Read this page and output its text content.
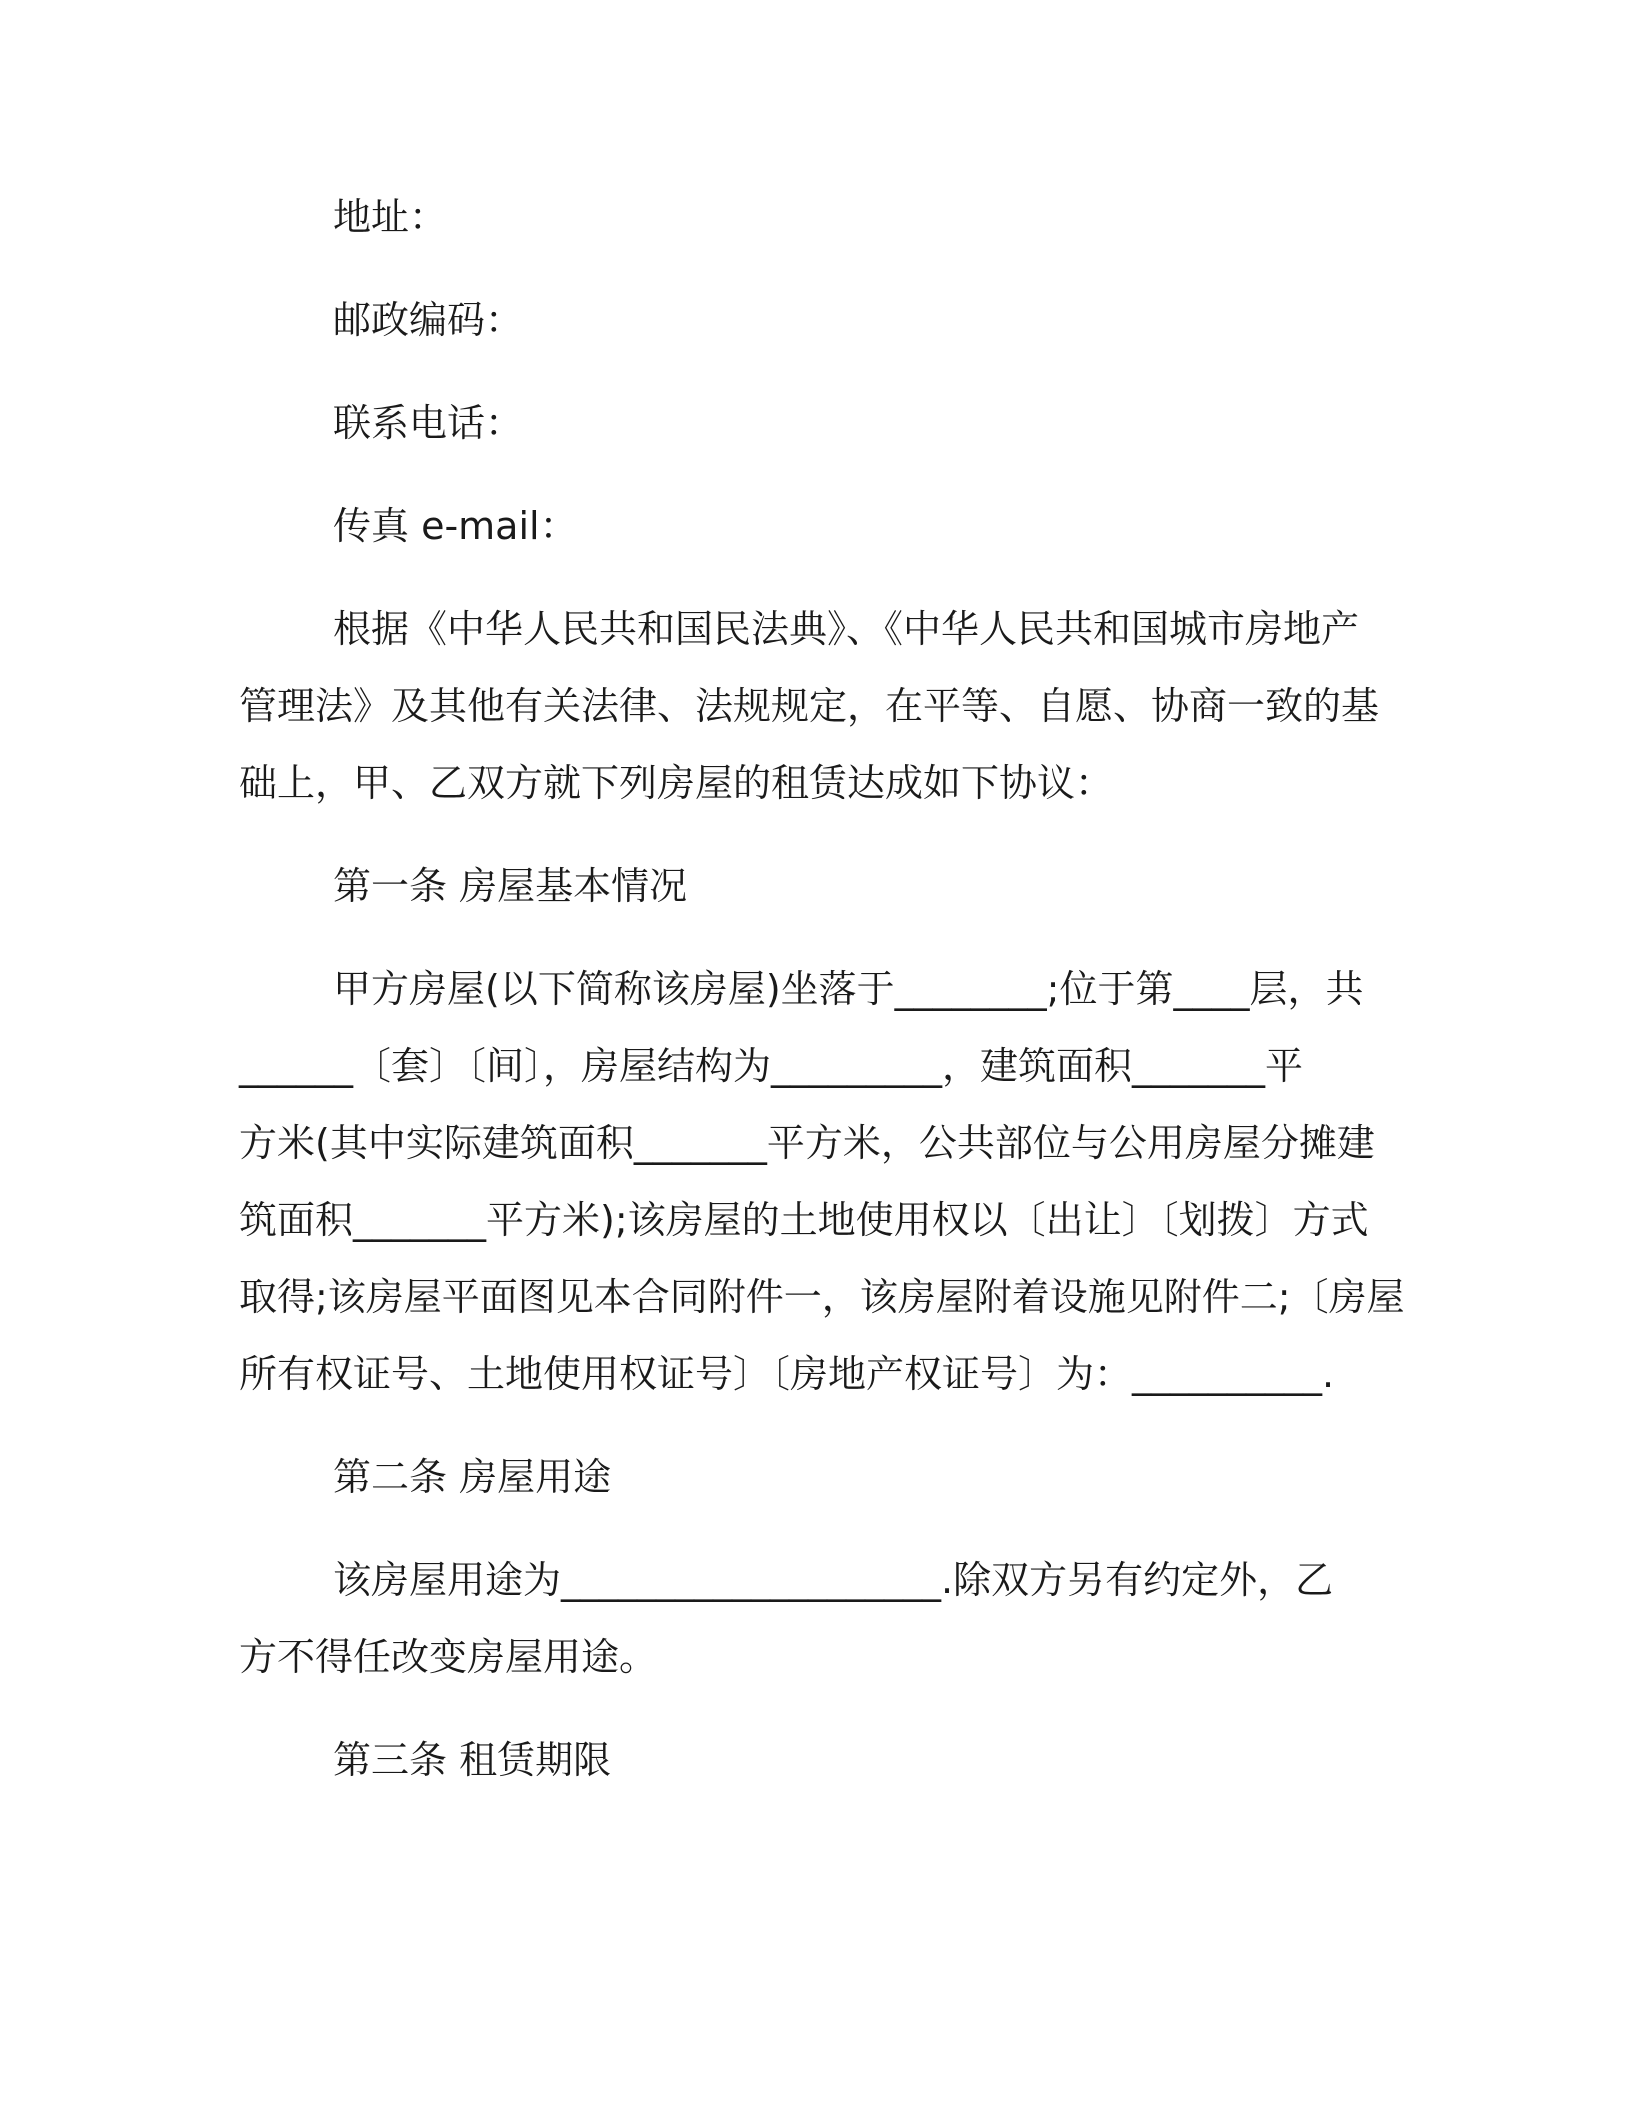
地址：
邮政编码：
联系电话：
传真 e-mail：
根据《中华人民共和国民法典》、《中华人民共和国城市房地产
管理法》及其他有关法律、法规规定，在平等、自愿、协商一致的基
础上，甲、乙双方就下列房屋的租赁达成如下协议：
第一条 房屋基本情况
甲方房屋(以下简称该房屋)坐落于________;位于第____层，共
______〔套〕〔间〕，房屋结构为_________，建筑面积_______平
方米(其中实际建筑面积_______平方米，公共部位与公用房屋分摊建
筑面积_______平方米);该房屋的土地使用权以〔出让〕〔划拨〕方式
取得;该房屋平面图见本合同附件一，该房屋附着设施见附件二;〔房屋
所有权证号、土地使用权证号〕〔房地产权证号〕为：__________.
第二条 房屋用途
该房屋用途为____________________.除双方另有约定外，乙
方不得任改变房屋用途。
第三条 租赁期限
